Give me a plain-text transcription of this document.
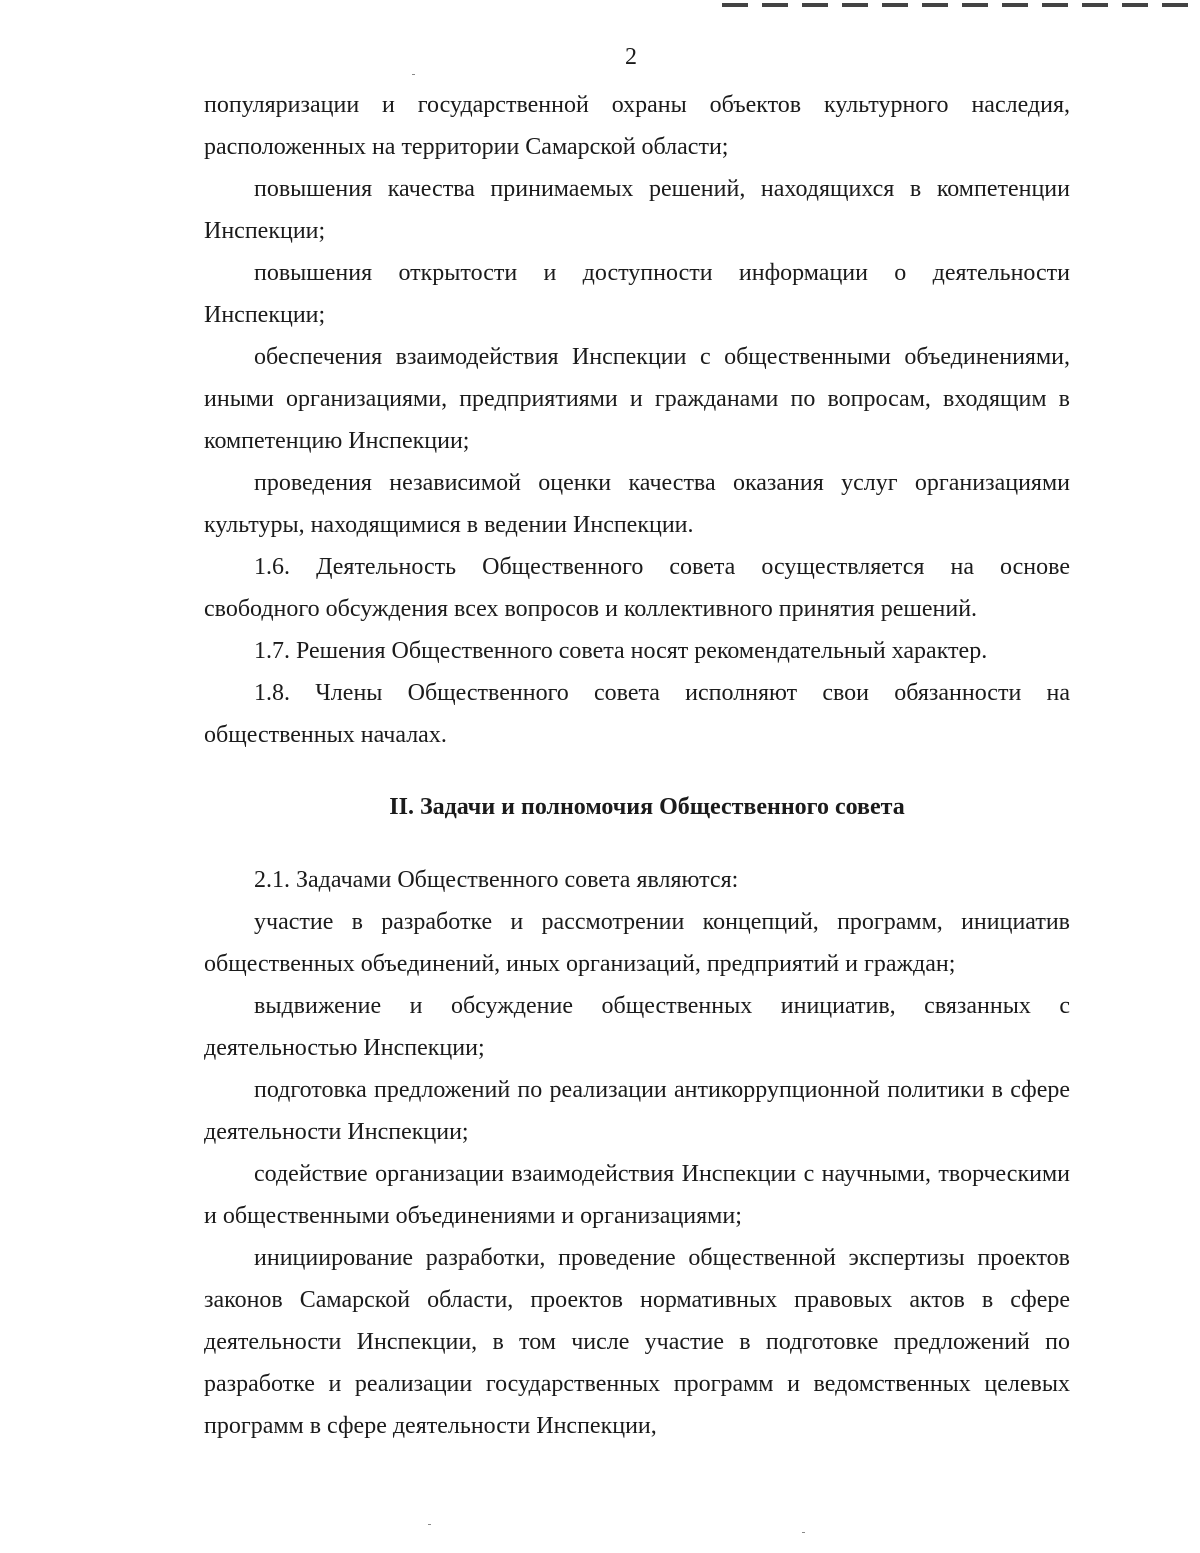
2

популяризации и государственной охраны объектов культурного наследия, расположенных на территории Самарской области;

повышения качества принимаемых решений, находящихся в компетенции Инспекции;

повышения открытости и доступности информации о деятельности Инспекции;

обеспечения взаимодействия Инспекции с общественными объединениями, иными организациями, предприятиями и гражданами по вопросам, входящим в компетенцию Инспекции;

проведения независимой оценки качества оказания услуг организациями культуры, находящимися в ведении Инспекции.

1.6. Деятельность Общественного совета осуществляется на основе свободного обсуждения всех вопросов и коллективного принятия решений.

1.7. Решения Общественного совета носят рекомендательный характер.

1.8. Члены Общественного совета исполняют свои обязанности на общественных началах.

II. Задачи и полномочия Общественного совета

2.1. Задачами Общественного совета являются:

участие в разработке и рассмотрении концепций, программ, инициатив общественных объединений, иных организаций, предприятий и граждан;

выдвижение и обсуждение общественных инициатив, связанных с деятельностью Инспекции;

подготовка предложений по реализации антикоррупционной политики в сфере деятельности Инспекции;

содействие организации взаимодействия Инспекции с научными, творческими и общественными объединениями и организациями;

инициирование разработки, проведение общественной экспертизы проектов законов Самарской области, проектов нормативных правовых актов в сфере деятельности Инспекции, в том числе участие в подготовке предложений по разработке и реализации государственных программ и ведомственных целевых программ в сфере деятельности Инспекции,
